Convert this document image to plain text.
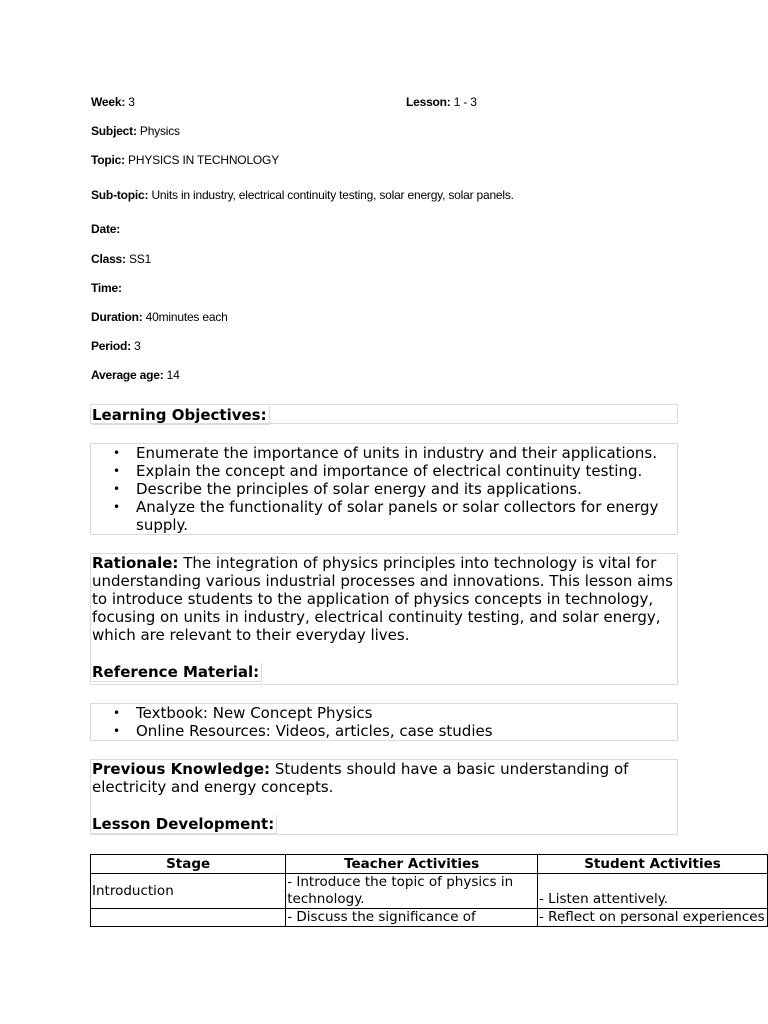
Week: 3	Lesson: 1 - 3
Subject: Physics
Topic: PHYSICS IN TECHNOLOGY
Sub-topic: Units in industry, electrical continuity testing, solar energy, solar panels.
Date:
Class: SS1
Time:
Duration: 40minutes each
Period: 3
Average age: 14
Learning Objectives:
• Enumerate the importance of units in industry and their applications.
• Explain the concept and importance of electrical continuity testing.
• Describe the principles of solar energy and its applications.
• Analyze the functionality of solar panels or solar collectors for energy supply.
Rationale: The integration of physics principles into technology is vital for understanding various industrial processes and innovations. This lesson aims to introduce students to the application of physics concepts in technology, focusing on units in industry, electrical continuity testing, and solar energy, which are relevant to their everyday lives.
Reference Material:
• Textbook: New Concept Physics
• Online Resources: Videos, articles, case studies
Previous Knowledge: Students should have a basic understanding of electricity and energy concepts.
Lesson Development:
Stage	Teacher Activities	Student Activities
Introduction	- Introduce the topic of physics in technology.	- Listen attentively.
	- Discuss the significance of	- Reflect on personal experiences
